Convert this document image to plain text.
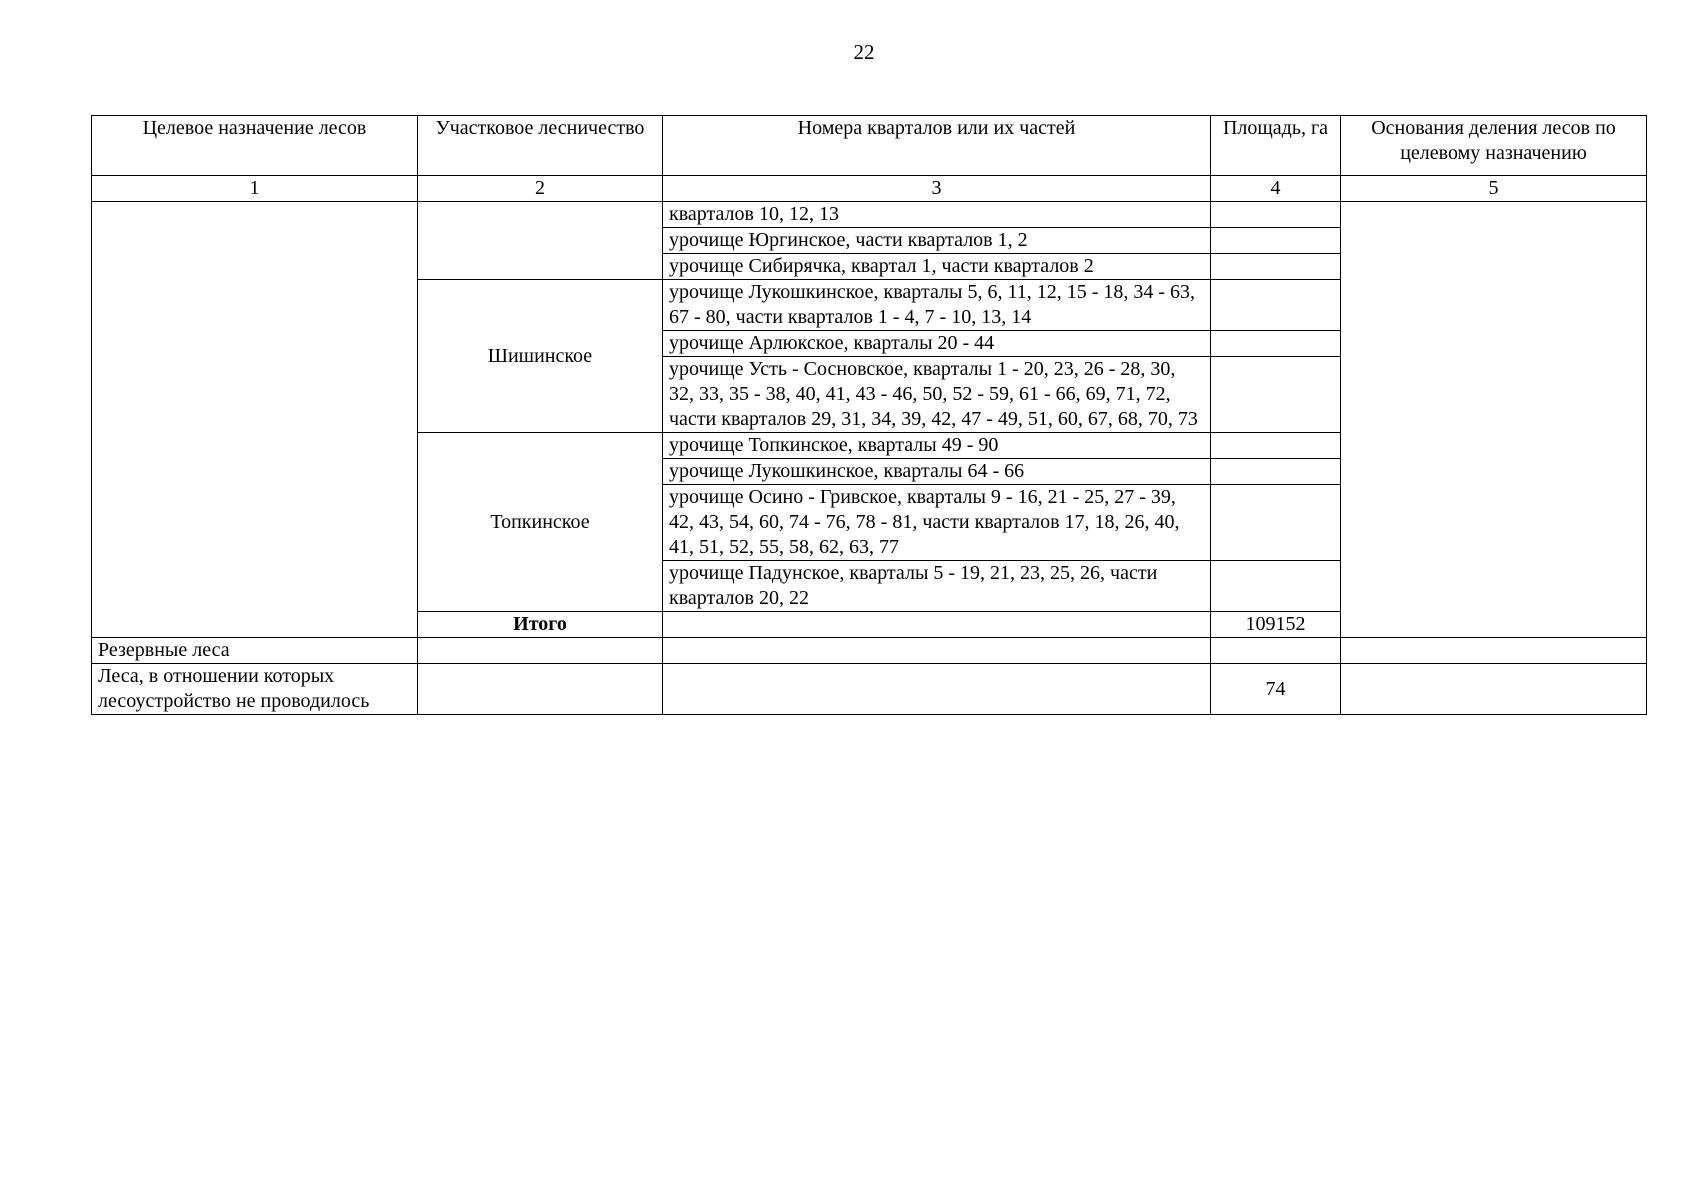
22
Целевое назначение лесов	Участковое лесничество	Номера кварталов или их частей	Площадь, га	Основания деления лесов по целевому назначению
1	2	3	4	5
		кварталов 10, 12, 13		
		урочище Юргинское, части кварталов 1, 2		
		урочище Сибирячка, квартал 1, части кварталов 2		
	Шишинское	урочище Лукошкинское, кварталы 5, 6, 11, 12, 15 - 18, 34 - 63, 67 - 80, части кварталов 1 - 4, 7 - 10, 13, 14		
		урочище Арлюкское, кварталы 20 - 44		
		урочище Усть - Сосновское, кварталы 1 - 20, 23, 26 - 28, 30, 32, 33, 35 - 38, 40, 41, 43 - 46, 50, 52 - 59, 61 - 66, 69, 71, 72, части кварталов 29, 31, 34, 39, 42, 47 - 49, 51, 60, 67, 68, 70, 73		
	Топкинское	урочище Топкинское, кварталы 49 - 90		
		урочище Лукошкинское, кварталы 64 - 66		
		урочище Осино - Гривское, кварталы 9 - 16, 21 - 25, 27 - 39, 42, 43, 54, 60, 74 - 76, 78 - 81, части кварталов 17, 18, 26, 40, 41, 51, 52, 55, 58, 62, 63, 77		
		урочище Падунское, кварталы 5 - 19, 21, 23, 25, 26, части кварталов 20, 22		
	Итого		109152	
Резервные леса				
Леса, в отношении которых лесоустройство не проводилось			74	
